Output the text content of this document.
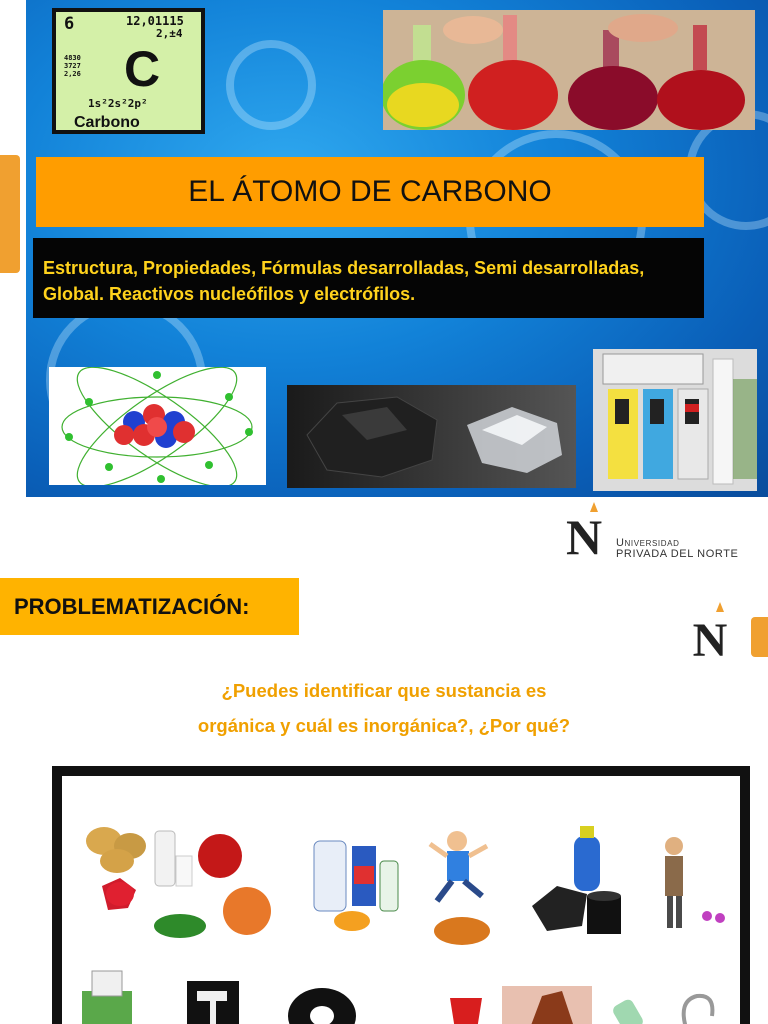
6	12,01115
2,±4
4830
3727
2,26 C
1s²2s²2p²
Carbono
EL ÁTOMO DE CARBONO
Estructura, Propiedades, Fórmulas desarrolladas, Semi desarrolladas, Global. Reactivos nucleófilos y electrófilos.
N Universidad
PRIVADA DEL NORTE
PROBLEMATIZACIÓN:
N
¿Puedes identificar que sustancia es
orgánica y cuál es inorgánica?, ¿Por qué?
